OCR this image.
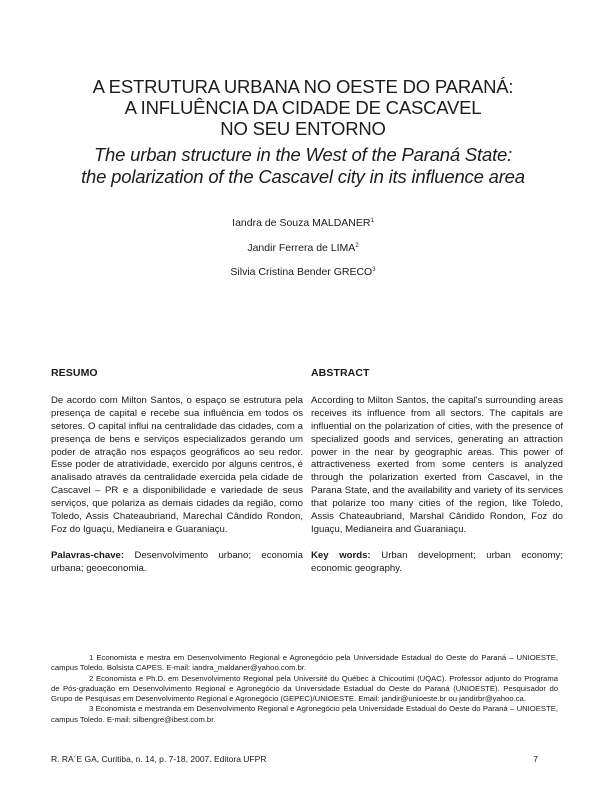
A ESTRUTURA URBANA NO OESTE DO PARANÁ:
A INFLUÊNCIA DA CIDADE DE CASCAVEL
NO SEU ENTORNO
The urban structure in the West of the Paraná State:
the polarization of the Cascavel city in its influence area
Iandra de Souza MALDANER$^1$
Jandir Ferrera de LIMA$^2$
Silvia Cristina Bender GRECO$^3$
RESUMO

De acordo com Milton Santos, o espaço se estrutura pela presença de capital e recebe sua influência em todos os setores. O capital influi na centralidade das cidades, com a presença de bens e serviços especializados gerando um poder de atração nos espaços geográficos ao seu redor. Esse poder de atratividade, exercido por alguns centros, é analisado através da centralidade exercida pela cidade de Cascavel – PR e a disponibilidade e variedade de seus serviços, que polariza as demais cidades da região, como Toledo, Assis Chateaubriand, Marechal Cândido Rondon, Foz do Iguaçu, Medianeira e Guaraniaçu.

Palavras-chave: Desenvolvimento urbano; economia urbana; geoeconomia.

ABSTRACT

According to Milton Santos, the capital's surrounding areas receives its influence from all sectors. The capitals are influential on the polarization of cities, with the presence of specialized goods and services, generating an attraction power in the near by geographic areas. This power of attractiveness exerted from some centers is analyzed through the polarization exerted from Cascavel, in the Parana State, and the availability and variety of its services that polarize too many cities of the region, like Toledo, Assis Chateaubriand, Marshal Cândido Rondon, Foz do Iguaçu, Medianeira and Guaraniaçu.

Key words: Urban development; urban economy; economic geography.

1 Economista e mestra em Desenvolvimento Regional e Agronegócio pela Universidade Estadual do Oeste do Paraná – UNIOESTE, campus Toledo. Bolsista CAPES. E-mail: iandra_maldaner@yahoo.com.br.

2 Economista e Ph.D. em Desenvolvimento Regional pela Université du Québec à Chicoutimi (UQAC). Professor adjunto do Programa de Pós-graduação em Desenvolvimento Regional e Agronegócio da Universidade Estadual do Oeste do Paraná (UNIOESTE). Pesquisador do Grupo de Pesquisas em Desenvolvimento Regional e Agronegócio (GEPEC)/UNIOESTE. Email: jandir@unioeste.br ou jandirbr@yahoo.ca.

3 Economista e mestranda em Desenvolvimento Regional e Agronegócio pela Universidade Estadual do Oeste do Paraná – UNIOESTE, campus Toledo. E-mail: silbengre@ibest.com.br.

R. RA´E GA, Curitiba, n. 14, p. 7-18, 2007. Editora UFPR	7
